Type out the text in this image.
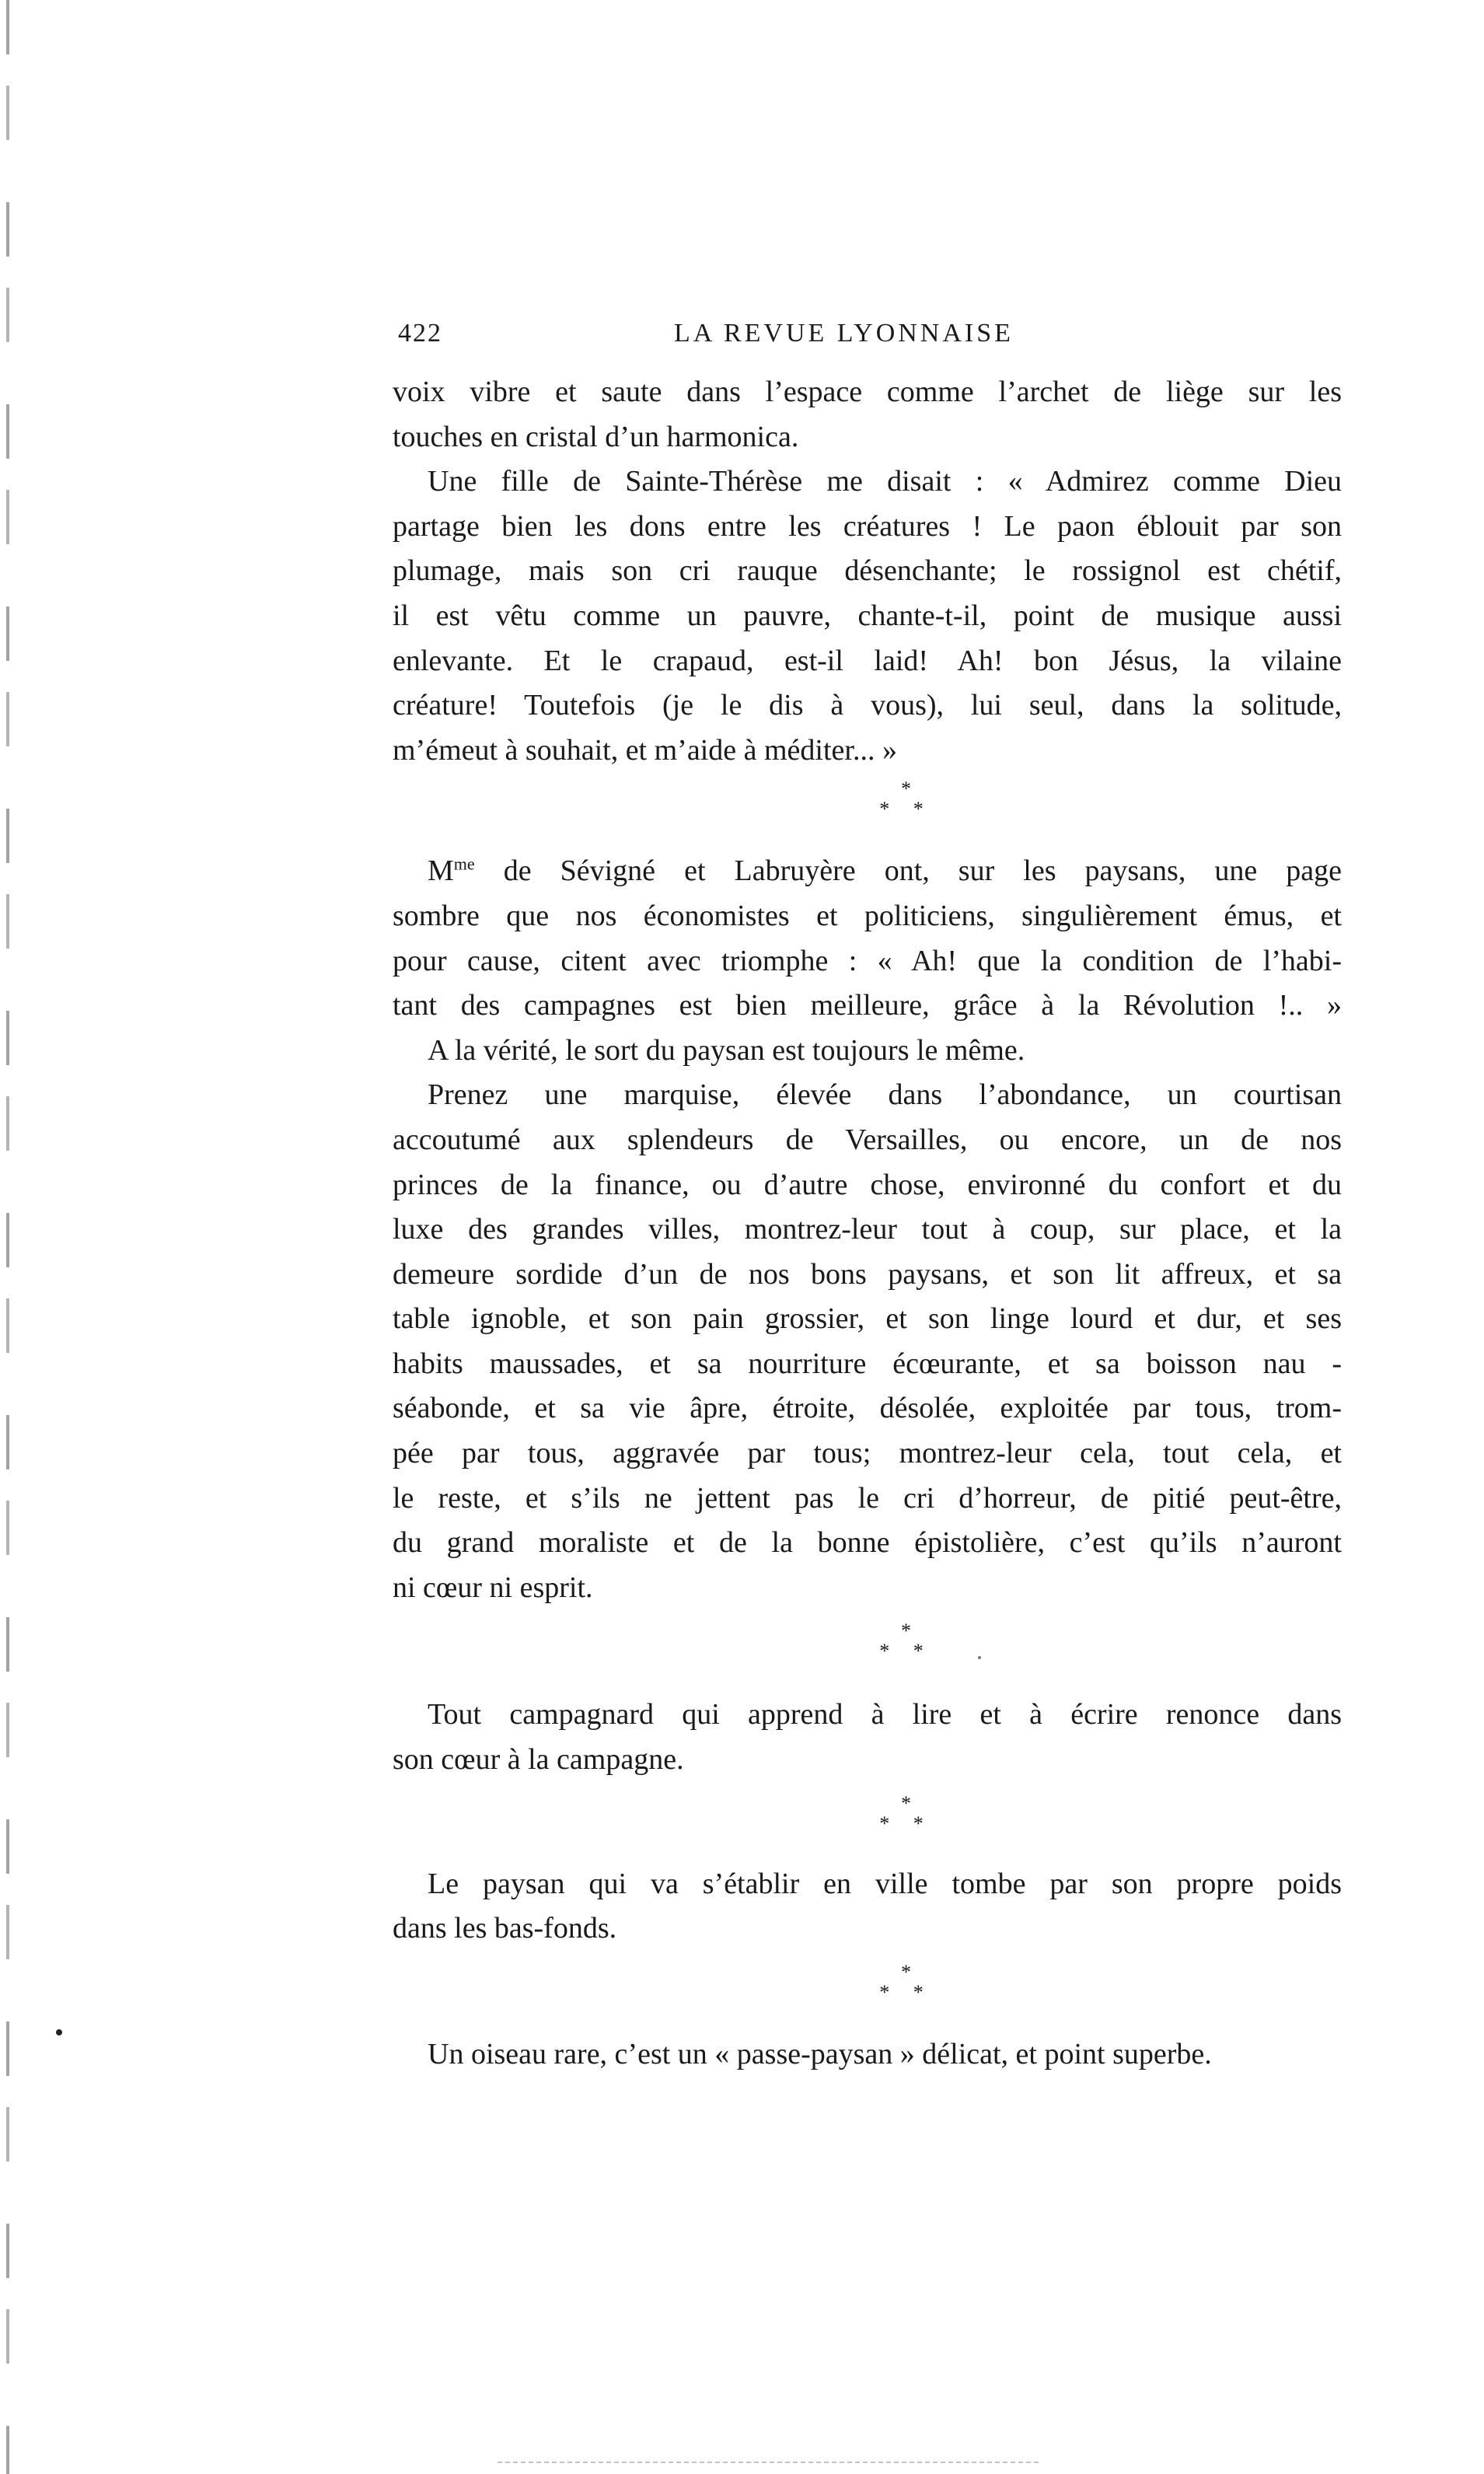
422	LA REVUE LYONNAISE
voix vibre et saute dans l’espace comme l’archet de liège sur les
touches en cristal d’un harmonica.
Une fille de Sainte-Thérèse me disait : « Admirez comme Dieu
partage bien les dons entre les créatures ! Le paon éblouit par son
plumage, mais son cri rauque désenchante; le rossignol est chétif,
il est vêtu comme un pauvre, chante-t-il, point de musique aussi
enlevante. Et le crapaud, est-il laid! Ah! bon Jésus, la vilaine
créature! Toutefois (je le dis à vous), lui seul, dans la solitude,
m’émeut à souhait, et m’aide à méditer... »
*
* *
$M^{me}$ de Sévigné et Labruyère ont, sur les paysans, une page
sombre que nos économistes et politiciens, singulièrement émus, et
pour cause, citent avec triomphe : « Ah! que la condition de l’habi-
tant des campagnes est bien meilleure, grâce à la Révolution !.. »
A la vérité, le sort du paysan est toujours le même.
Prenez une marquise, élevée dans l’abondance, un courtisan
accoutumé aux splendeurs de Versailles, ou encore, un de nos
princes de la finance, ou d’autre chose, environné du confort et du
luxe des grandes villes, montrez-leur tout à coup, sur place, et la
demeure sordide d’un de nos bons paysans, et son lit affreux, et sa
table ignoble, et son pain grossier, et son linge lourd et dur, et ses
habits maussades, et sa nourriture écœurante, et sa boisson nau -
séabonde, et sa vie âpre, étroite, désolée, exploitée par tous, trom-
pée par tous, aggravée par tous; montrez-leur cela, tout cela, et
le reste, et s’ils ne jettent pas le cri d’horreur, de pitié peut-être,
du grand moraliste et de la bonne épistolière, c’est qu’ils n’auront
ni cœur ni esprit.
*
* *
Tout campagnard qui apprend à lire et à écrire renonce dans
son cœur à la campagne.
*
* *
Le paysan qui va s’établir en ville tombe par son propre poids
dans les bas-fonds.
*
* *
Un oiseau rare, c’est un « passe-paysan » délicat, et point superbe.
